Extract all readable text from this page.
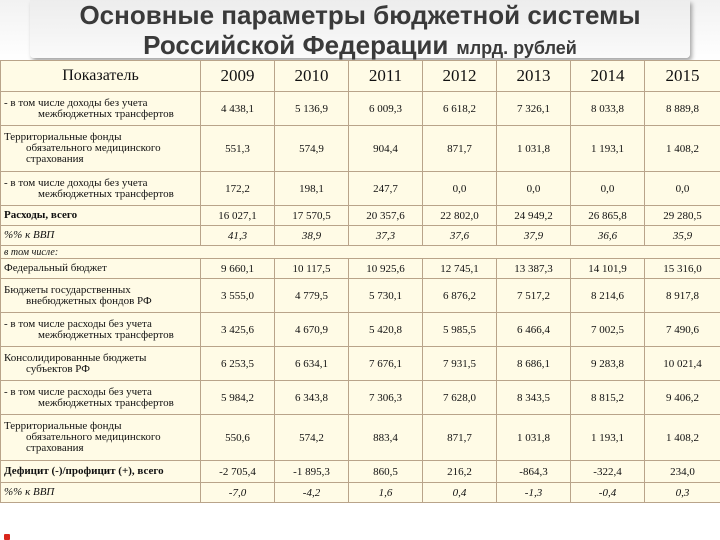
Основные параметры бюджетной системы
Российской Федерации млрд. рублей
Показатель	2009	2010	2011	2012	2013	2014	2015
- в том числе доходы без учета
межбюджетных трансфертов	4 438,1	5 136,9	6 009,3	6 618,2	7 326,1	8 033,8	8 889,8
Территориальные фонды
обязательного медицинского
страхования	551,3	574,9	904,4	871,7	1 031,8	1 193,1	1 408,2
- в том числе доходы без учета
межбюджетных трансфертов	172,2	198,1	247,7	0,0	0,0	0,0	0,0
Расходы, всего	16 027,1	17 570,5	20 357,6	22 802,0	24 949,2	26 865,8	29 280,5
%% к ВВП	41,3	38,9	37,3	37,6	37,9	36,6	35,9
в том числе:							
Федеральный бюджет	9 660,1	10 117,5	10 925,6	12 745,1	13 387,3	14 101,9	15 316,0
Бюджеты государственных
внебюджетных фондов РФ	3 555,0	4 779,5	5 730,1	6 876,2	7 517,2	8 214,6	8 917,8
- в том числе расходы без учета
межбюджетных трансфертов	3 425,6	4 670,9	5 420,8	5 985,5	6 466,4	7 002,5	7 490,6
Консолидированные бюджеты
субъектов РФ	6 253,5	6 634,1	7 676,1	7 931,5	8 686,1	9 283,8	10 021,4
- в том числе расходы без учета
межбюджетных трансфертов	5 984,2	6 343,8	7 306,3	7 628,0	8 343,5	8 815,2	9 406,2
Территориальные фонды
обязательного медицинского
страхования	550,6	574,2	883,4	871,7	1 031,8	1 193,1	1 408,2
Дефицит (-)/профицит (+), всего	-2 705,4	-1 895,3	860,5	216,2	-864,3	-322,4	234,0
%% к ВВП	-7,0	-4,2	1,6	0,4	-1,3	-0,4	0,3
